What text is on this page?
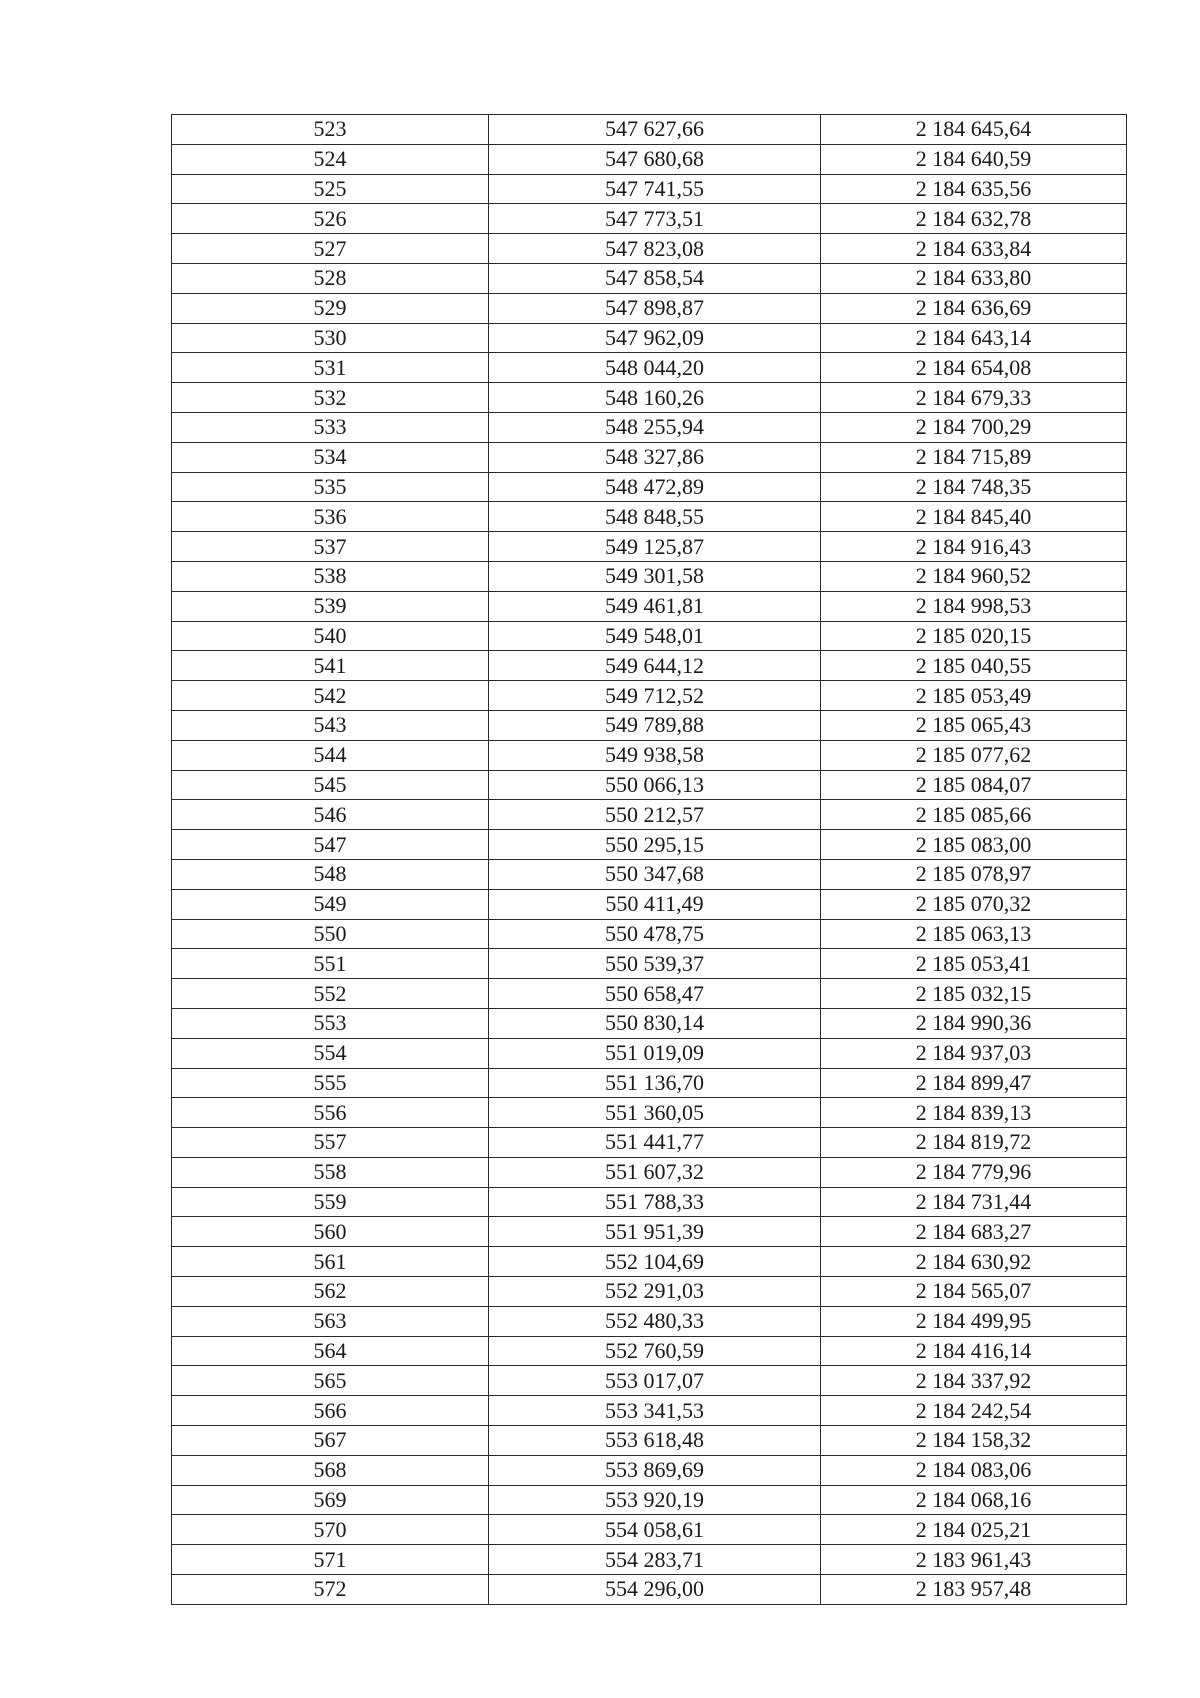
523	547 627,66	2 184 645,64
524	547 680,68	2 184 640,59
525	547 741,55	2 184 635,56
526	547 773,51	2 184 632,78
527	547 823,08	2 184 633,84
528	547 858,54	2 184 633,80
529	547 898,87	2 184 636,69
530	547 962,09	2 184 643,14
531	548 044,20	2 184 654,08
532	548 160,26	2 184 679,33
533	548 255,94	2 184 700,29
534	548 327,86	2 184 715,89
535	548 472,89	2 184 748,35
536	548 848,55	2 184 845,40
537	549 125,87	2 184 916,43
538	549 301,58	2 184 960,52
539	549 461,81	2 184 998,53
540	549 548,01	2 185 020,15
541	549 644,12	2 185 040,55
542	549 712,52	2 185 053,49
543	549 789,88	2 185 065,43
544	549 938,58	2 185 077,62
545	550 066,13	2 185 084,07
546	550 212,57	2 185 085,66
547	550 295,15	2 185 083,00
548	550 347,68	2 185 078,97
549	550 411,49	2 185 070,32
550	550 478,75	2 185 063,13
551	550 539,37	2 185 053,41
552	550 658,47	2 185 032,15
553	550 830,14	2 184 990,36
554	551 019,09	2 184 937,03
555	551 136,70	2 184 899,47
556	551 360,05	2 184 839,13
557	551 441,77	2 184 819,72
558	551 607,32	2 184 779,96
559	551 788,33	2 184 731,44
560	551 951,39	2 184 683,27
561	552 104,69	2 184 630,92
562	552 291,03	2 184 565,07
563	552 480,33	2 184 499,95
564	552 760,59	2 184 416,14
565	553 017,07	2 184 337,92
566	553 341,53	2 184 242,54
567	553 618,48	2 184 158,32
568	553 869,69	2 184 083,06
569	553 920,19	2 184 068,16
570	554 058,61	2 184 025,21
571	554 283,71	2 183 961,43
572	554 296,00	2 183 957,48
